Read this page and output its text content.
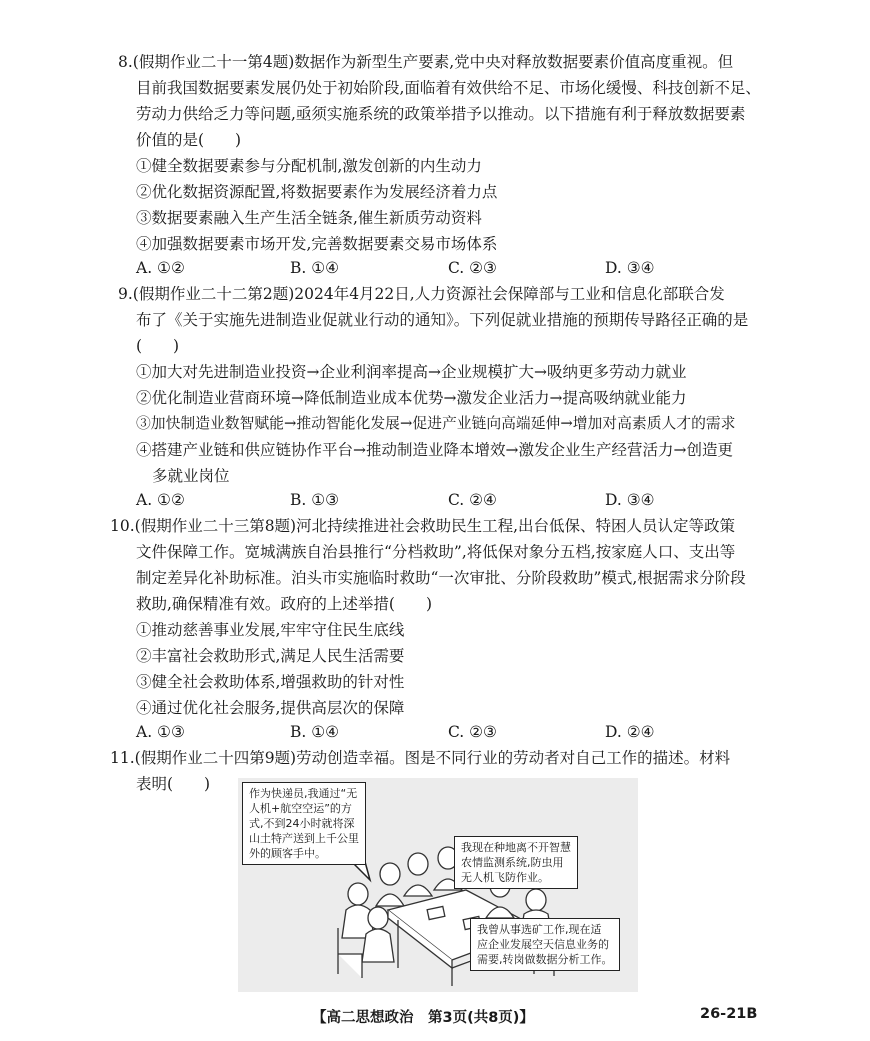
8.(假期作业二十一第4题)数据作为新型生产要素,党中央对释放数据要素价值高度重视。但
目前我国数据要素发展仍处于初始阶段,面临着有效供给不足、市场化缓慢、科技创新不足、
劳动力供给乏力等问题,亟须实施系统的政策举措予以推动。以下措施有利于释放数据要素
价值的是(　　)
①健全数据要素参与分配机制,激发创新的内生动力
②优化数据资源配置,将数据要素作为发展经济着力点
③数据要素融入生产生活全链条,催生新质劳动资料
④加强数据要素市场开发,完善数据要素交易市场体系
A. ①②	B. ①④	C. ②③	D. ③④
9.(假期作业二十二第2题)2024年4月22日,人力资源社会保障部与工业和信息化部联合发
布了《关于实施先进制造业促就业行动的通知》。下列促就业措施的预期传导路径正确的是
(　　)
①加大对先进制造业投资→企业利润率提高→企业规模扩大→吸纳更多劳动力就业
②优化制造业营商环境→降低制造业成本优势→激发企业活力→提高吸纳就业能力
③加快制造业数智赋能→推动智能化发展→促进产业链向高端延伸→增加对高素质人才的需求
④搭建产业链和供应链协作平台→推动制造业降本增效→激发企业生产经营活力→创造更
多就业岗位
A. ①②	B. ①③	C. ②④	D. ③④
10.(假期作业二十三第8题)河北持续推进社会救助民生工程,出台低保、特困人员认定等政策
文件保障工作。宽城满族自治县推行“分档救助”,将低保对象分五档,按家庭人口、支出等
制定差异化补助标准。泊头市实施临时救助“一次审批、分阶段救助”模式,根据需求分阶段
救助,确保精准有效。政府的上述举措(　　)
①推动慈善事业发展,牢牢守住民生底线
②丰富社会救助形式,满足人民生活需要
③健全社会救助体系,增强救助的针对性
④通过优化社会服务,提供高层次的保障
A. ①③	B. ①④	C. ②③	D. ②④
11.(假期作业二十四第9题)劳动创造幸福。图是不同行业的劳动者对自己工作的描述。材料
表明(　　)
作为快递员,我通过“无
人机+航空空运”的方
式,不到24小时就将深
山土特产送到上千公里
外的顾客手中。	我现在种地离不开智慧
农情监测系统,防虫用
无人机飞防作业。
我曾从事选矿工作,现在适
应企业发展空天信息业务的
需要,转岗做数据分析工作。
【高二思想政治　第3页(共8页)】	26-21B
